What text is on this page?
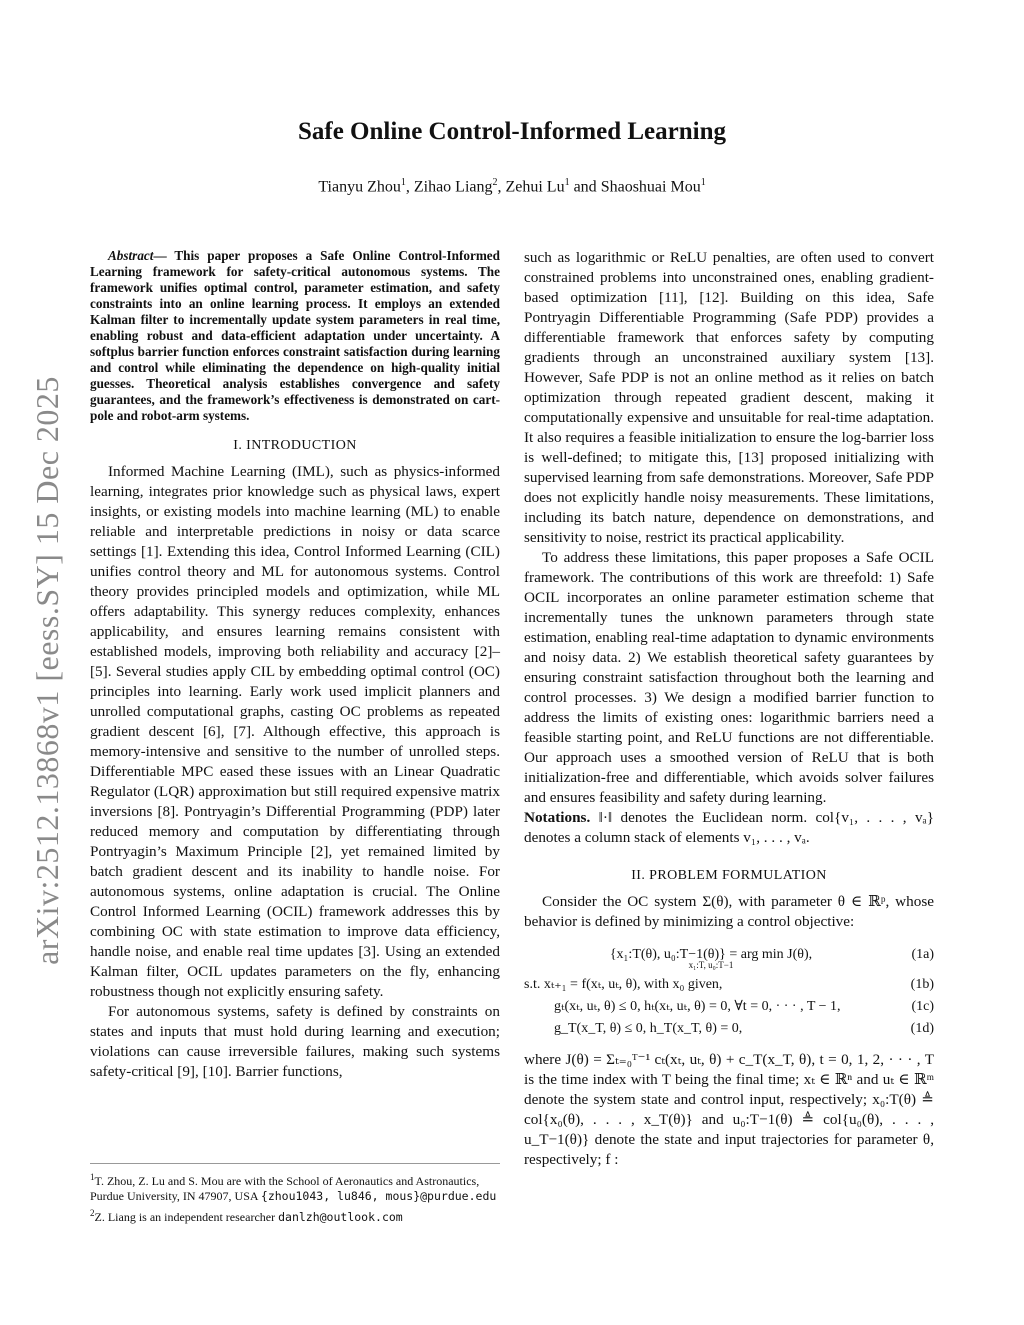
arXiv:2512.13868v1 [eess.SY] 15 Dec 2025
Safe Online Control-Informed Learning
Tianyu Zhou$^1$, Zihao Liang$^2$, Zehui Lu$^1$ and Shaoshuai Mou$^1$

Abstract— This paper proposes a Safe Online Control-Informed Learning framework for safety-critical autonomous systems. The framework unifies optimal control, parameter estimation, and safety constraints into an online learning process. It employs an extended Kalman filter to incrementally update system parameters in real time, enabling robust and data-efficient adaptation under uncertainty. A softplus barrier function enforces constraint satisfaction during learning and control while eliminating the dependence on high-quality initial guesses. Theoretical analysis establishes convergence and safety guarantees, and the framework’s effectiveness is demonstrated on cart-pole and robot-arm systems.

I. INTRODUCTION

Informed Machine Learning (IML), such as physics-informed learning, integrates prior knowledge such as physical laws, expert insights, or existing models into machine learning (ML) to enable reliable and interpretable predictions in noisy or data scarce settings [1]. Extending this idea, Control Informed Learning (CIL) unifies control theory and ML for autonomous systems. Control theory provides principled models and optimization, while ML offers adaptability. This synergy reduces complexity, enhances applicability, and ensures learning remains consistent with established models, improving both reliability and accuracy [2]–[5]. Several studies apply CIL by embedding optimal control (OC) principles into learning. Early work used implicit planners and unrolled computational graphs, casting OC problems as repeated gradient descent [6], [7]. Although effective, this approach is memory-intensive and sensitive to the number of unrolled steps. Differentiable MPC eased these issues with an Linear Quadratic Regulator (LQR) approximation but still required expensive matrix inversions [8]. Pontryagin’s Differential Programming (PDP) later reduced memory and computation by differentiating through Pontryagin’s Maximum Principle [2], yet remained limited by batch gradient descent and its inability to handle noise. For autonomous systems, online adaptation is crucial. The Online Control Informed Learning (OCIL) framework addresses this by combining OC with state estimation to improve data efficiency, handle noise, and enable real time updates [3]. Using an extended Kalman filter, OCIL updates parameters on the fly, enhancing robustness though not explicitly ensuring safety.

For autonomous systems, safety is defined by constraints on states and inputs that must hold during learning and execution; violations can cause irreversible failures, making such systems safety-critical [9], [10]. Barrier functions,

$^1$T. Zhou, Z. Lu and S. Mou are with the School of Aeronautics and Astronautics, Purdue University, IN 47907, USA {zhou1043, lu846, mous}@purdue.edu

$^2$Z. Liang is an independent researcher danlzh@outlook.com

such as logarithmic or ReLU penalties, are often used to convert constrained problems into unconstrained ones, enabling gradient-based optimization [11], [12]. Building on this idea, Safe Pontryagin Differentiable Programming (Safe PDP) provides a differentiable framework that enforces safety by computing gradients through an unconstrained auxiliary system [13]. However, Safe PDP is not an online method as it relies on batch optimization through repeated gradient descent, making it computationally expensive and unsuitable for real-time adaptation. It also requires a feasible initialization to ensure the log-barrier loss is well-defined; to mitigate this, [13] proposed initializing with supervised learning from safe demonstrations. Moreover, Safe PDP does not explicitly handle noisy measurements. These limitations, including its batch nature, dependence on demonstrations, and sensitivity to noise, restrict its practical applicability.

To address these limitations, this paper proposes a Safe OCIL framework. The contributions of this work are threefold: 1) Safe OCIL incorporates an online parameter estimation scheme that incrementally tunes the unknown parameters through state estimation, enabling real-time adaptation to dynamic environments and noisy data. 2) We establish theoretical safety guarantees by ensuring constraint satisfaction throughout both the learning and control processes. 3) We design a modified barrier function to address the limits of existing ones: logarithmic barriers need a feasible starting point, and ReLU functions are not differentiable. Our approach uses a smoothed version of ReLU that is both initialization-free and differentiable, which avoids solver failures and ensures feasibility and safety during learning.

Notations. ‖·‖ denotes the Euclidean norm. col{v₁, . . . , vₐ} denotes a column stack of elements v₁, . . . , vₐ.

II. PROBLEM FORMULATION

Consider the OC system Σ(θ), with parameter θ ∈ ℝᵖ, whose behavior is defined by minimizing a control objective:

{x₁:T(θ), u₀:T−1(θ)} = arg min J(θ),	(1a)
x₁:T, u₀:T−1
s.t. xₜ₊₁ = f(xₜ, uₜ, θ), with x₀ given,	(1b)
gₜ(xₜ, uₜ, θ) ≤ 0, hₜ(xₜ, uₜ, θ) = 0, ∀t = 0, · · · , T − 1,	(1c)
g_T(x_T, θ) ≤ 0, h_T(x_T, θ) = 0,	(1d)

where J(θ) = Σₜ₌₀ᵀ⁻¹ cₜ(xₜ, uₜ, θ) + c_T(x_T, θ), t = 0, 1, 2, · · · , T is the time index with T being the final time; xₜ ∈ ℝⁿ and uₜ ∈ ℝᵐ denote the system state and control input, respectively; x₀:T(θ) ≜ col{x₀(θ), . . . , x_T(θ)} and u₀:T−1(θ) ≜ col{u₀(θ), . . . , u_T−1(θ)} denote the state and input trajectories for parameter θ, respectively; f :
